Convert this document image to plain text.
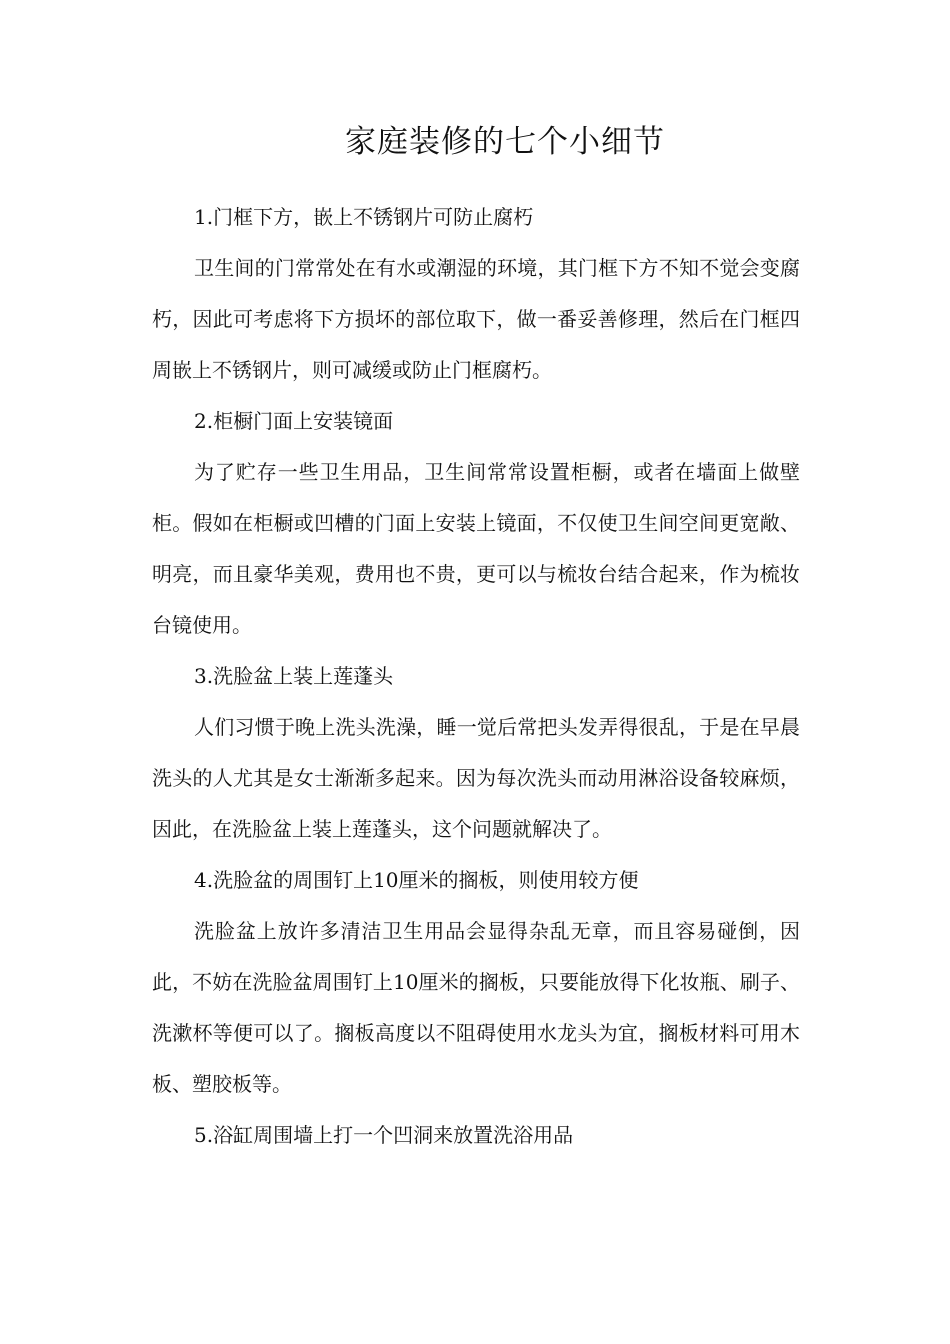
家庭装修的七个小细节

1.门框下方，嵌上不锈钢片可防止腐朽

卫生间的门常常处在有水或潮湿的环境，其门框下方不知不觉会变腐朽，因此可考虑将下方损坏的部位取下，做一番妥善修理，然后在门框四周嵌上不锈钢片，则可减缓或防止门框腐朽。

2.柜橱门面上安装镜面

为了贮存一些卫生用品，卫生间常常设置柜橱，或者在墙面上做壁柜。假如在柜橱或凹槽的门面上安装上镜面，不仅使卫生间空间更宽敞、明亮，而且豪华美观，费用也不贵，更可以与梳妆台结合起来，作为梳妆台镜使用。

3.洗脸盆上装上莲蓬头

人们习惯于晚上洗头洗澡，睡一觉后常把头发弄得很乱，于是在早晨洗头的人尤其是女士渐渐多起来。因为每次洗头而动用淋浴设备较麻烦，因此，在洗脸盆上装上莲蓬头，这个问题就解决了。

4.洗脸盆的周围钉上10厘米的搁板，则使用较方便

洗脸盆上放许多清洁卫生用品会显得杂乱无章，而且容易碰倒，因此，不妨在洗脸盆周围钉上10厘米的搁板，只要能放得下化妆瓶、刷子、洗漱杯等便可以了。搁板高度以不阻碍使用水龙头为宜，搁板材料可用木板、塑胶板等。

5.浴缸周围墙上打一个凹洞来放置洗浴用品
